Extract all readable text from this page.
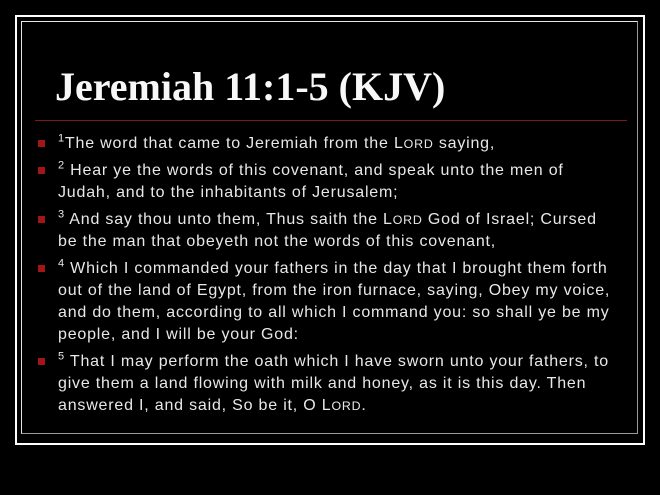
Jeremiah 11:1-5 (KJV)

$^1$The word that came to Jeremiah from the LORD saying,

$^2$ Hear ye the words of this covenant, and speak unto the men of
Judah, and to the inhabitants of Jerusalem;

$^3$ And say thou unto them, Thus saith the LORD God of Israel; Cursed
be the man that obeyeth not the words of this covenant,

$^4$ Which I commanded your fathers in the day that I brought them forth
out of the land of Egypt, from the iron furnace, saying, Obey my voice,
and do them, according to all which I command you: so shall ye be my
people, and I will be your God:

$^5$ That I may perform the oath which I have sworn unto your fathers, to
give them a land flowing with milk and honey, as it is this day. Then
answered I, and said, So be it, O LORD.
